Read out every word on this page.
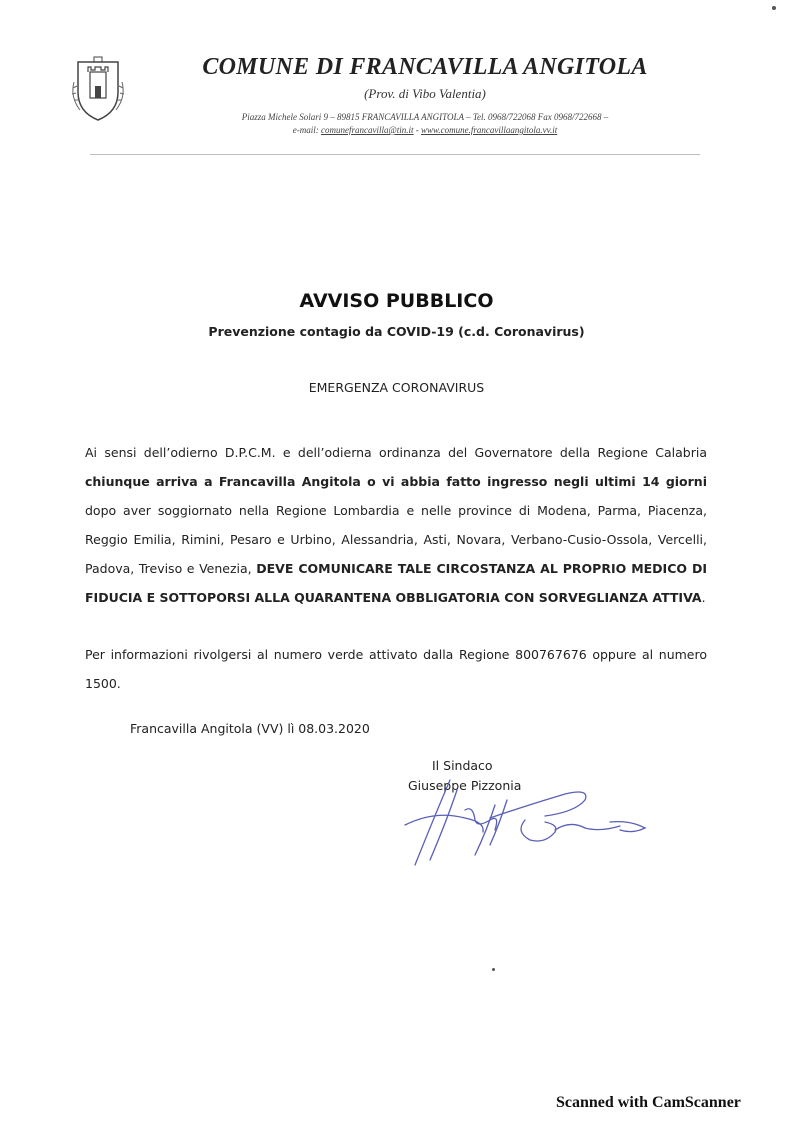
COMUNE DI FRANCAVILLA ANGITOLA
(Prov. di Vibo Valentia)
Piazza Michele Solari 9 – 89815 FRANCAVILLA ANGITOLA – Tel. 0968/722068 Fax 0968/722668 –
e-mail: comunefrancavilla@tin.it - www.comune.francavillaangitola.vv.it
AVVISO PUBBLICO
Prevenzione contagio da COVID-19 (c.d. Coronavirus)
EMERGENZA CORONAVIRUS
Ai sensi dell’odierno D.P.C.M. e dell’odierna ordinanza del Governatore della Regione Calabria chiunque arriva a Francavilla Angitola o vi abbia fatto ingresso negli ultimi 14 giorni dopo aver soggiornato nella Regione Lombardia e nelle province di Modena, Parma, Piacenza, Reggio Emilia, Rimini, Pesaro e Urbino, Alessandria, Asti, Novara, Verbano-Cusio-Ossola, Vercelli, Padova, Treviso e Venezia, DEVE COMUNICARE TALE CIRCOSTANZA AL PROPRIO MEDICO DI FIDUCIA E SOTTOPORSI ALLA QUARANTENA OBBLIGATORIA CON SORVEGLIANZA ATTIVA.
Per informazioni rivolgersi al numero verde attivato dalla Regione 800767676 oppure al numero 1500.
Francavilla Angitola (VV) lì 08.03.2020
Il Sindaco
Giuseppe Pizzonia
Scanned with CamScanner
